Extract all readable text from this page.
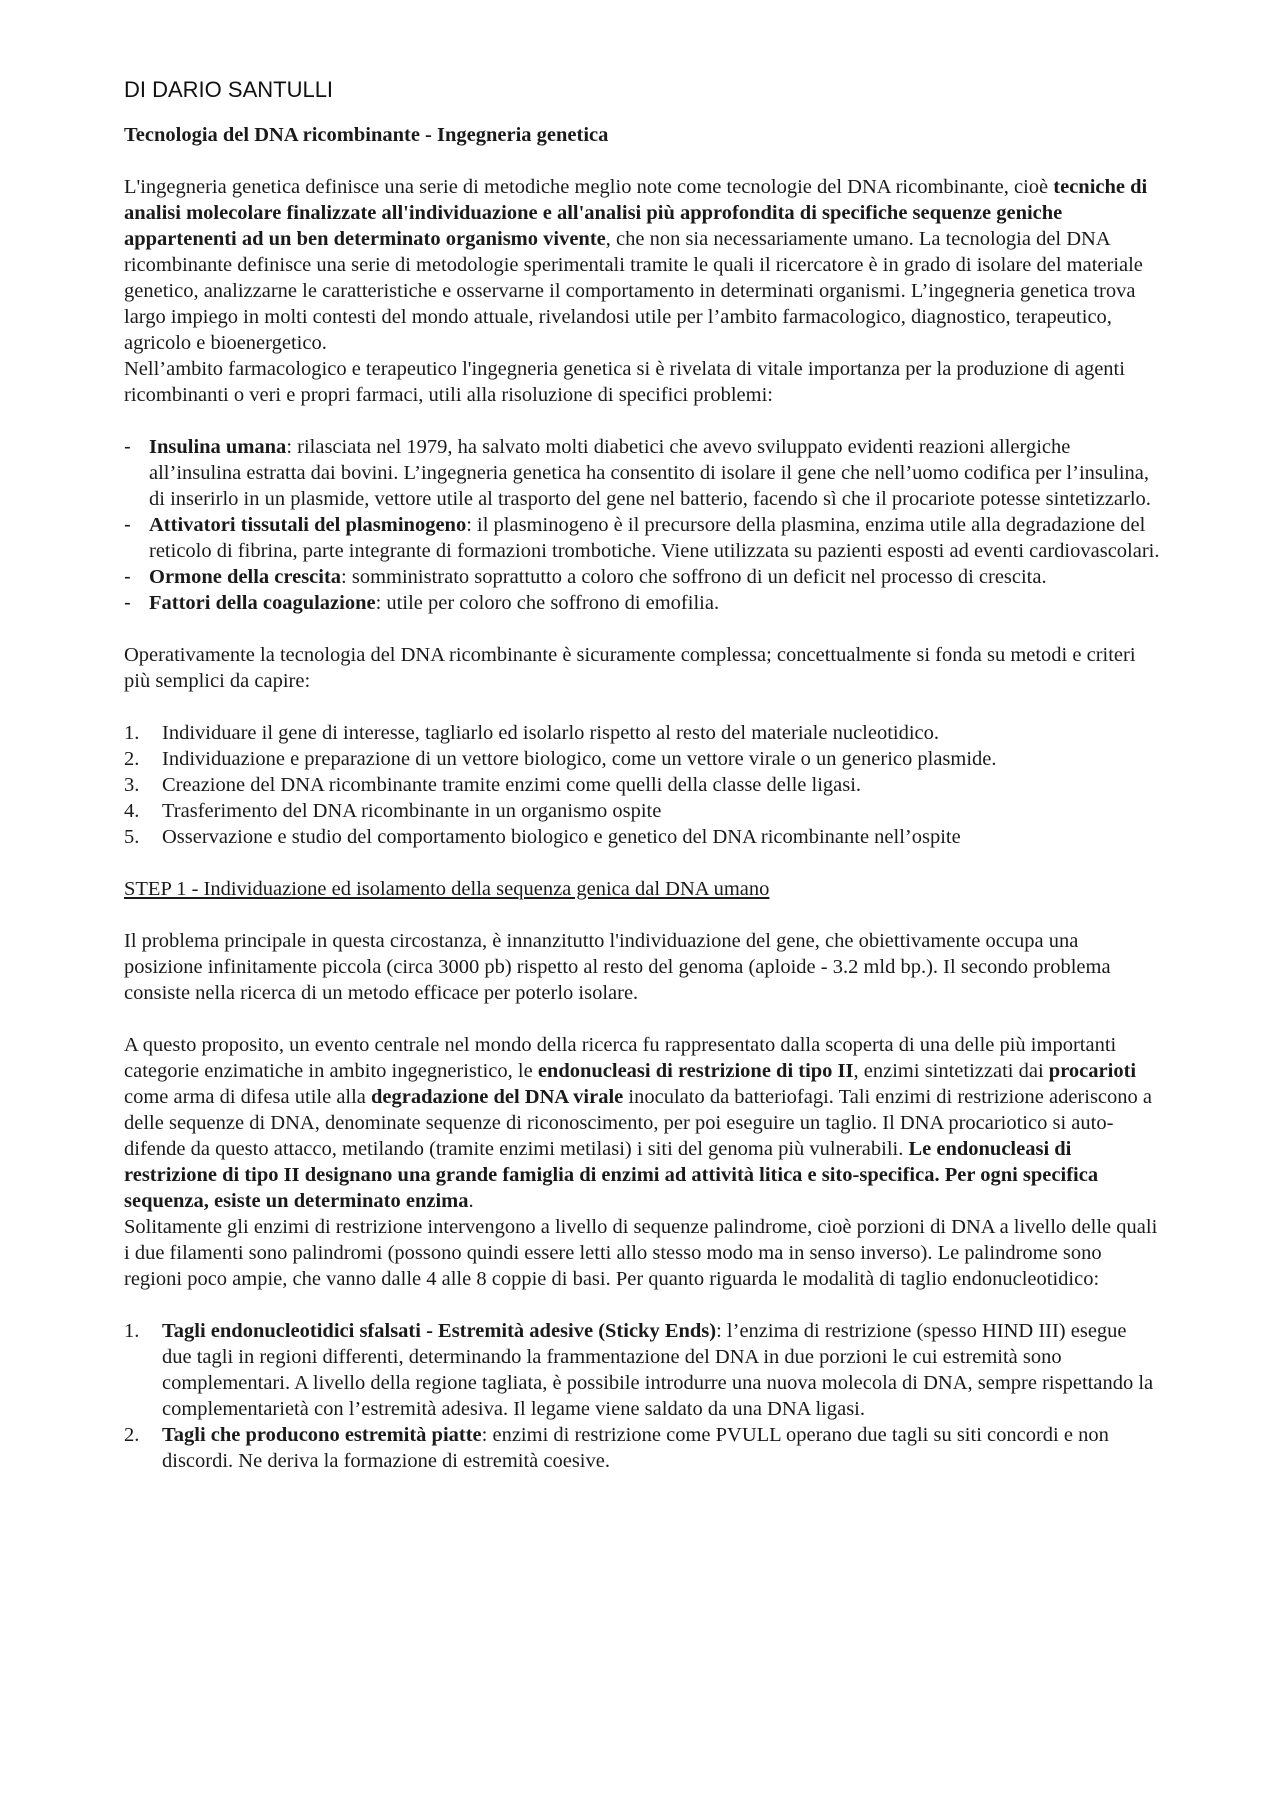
DI DARIO SANTULLI

Tecnologia del DNA ricombinante - Ingegneria genetica

L'ingegneria genetica definisce una serie di metodiche meglio note come tecnologie del DNA ricombinante, cioè tecniche di analisi molecolare finalizzate all'individuazione e all'analisi più approfondita di specifiche sequenze geniche appartenenti ad un ben determinato organismo vivente, che non sia necessariamente umano. La tecnologia del DNA ricombinante definisce una serie di metodologie sperimentali tramite le quali il ricercatore è in grado di isolare del materiale genetico, analizzarne le caratteristiche e osservarne il comportamento in determinati organismi. L’ingegneria genetica trova largo impiego in molti contesti del mondo attuale, rivelandosi utile per l’ambito farmacologico, diagnostico, terapeutico, agricolo e bioenergetico.

Nell’ambito farmacologico e terapeutico l'ingegneria genetica si è rivelata di vitale importanza per la produzione di agenti ricombinanti o veri e propri farmaci, utili alla risoluzione di specifici problemi:

- Insulina umana: rilasciata nel 1979, ha salvato molti diabetici che avevo sviluppato evidenti reazioni allergiche all’insulina estratta dai bovini. L’ingegneria genetica ha consentito di isolare il gene che nell’uomo codifica per l’insulina, di inserirlo in un plasmide, vettore utile al trasporto del gene nel batterio, facendo sì che il procariote potesse sintetizzarlo.
- Attivatori tissutali del plasminogeno: il plasminogeno è il precursore della plasmina, enzima utile alla degradazione del reticolo di fibrina, parte integrante di formazioni trombotiche. Viene utilizzata su pazienti esposti ad eventi cardiovascolari.
- Ormone della crescita: somministrato soprattutto a coloro che soffrono di un deficit nel processo di crescita.
- Fattori della coagulazione: utile per coloro che soffrono di emofilia.

Operativamente la tecnologia del DNA ricombinante è sicuramente complessa; concettualmente si fonda su metodi e criteri più semplici da capire:

1. Individuare il gene di interesse, tagliarlo ed isolarlo rispetto al resto del materiale nucleotidico.
2. Individuazione e preparazione di un vettore biologico, come un vettore virale o un generico plasmide.
3. Creazione del DNA ricombinante tramite enzimi come quelli della classe delle ligasi.
4. Trasferimento del DNA ricombinante in un organismo ospite
5. Osservazione e studio del comportamento biologico e genetico del DNA ricombinante nell’ospite

STEP 1 - Individuazione ed isolamento della sequenza genica dal DNA umano

Il problema principale in questa circostanza, è innanzitutto l'individuazione del gene, che obiettivamente occupa una posizione infinitamente piccola (circa 3000 pb) rispetto al resto del genoma (aploide - 3.2 mld bp.). Il secondo problema consiste nella ricerca di un metodo efficace per poterlo isolare.

A questo proposito, un evento centrale nel mondo della ricerca fu rappresentato dalla scoperta di una delle più importanti categorie enzimatiche in ambito ingegneristico, le endonucleasi di restrizione di tipo II, enzimi sintetizzati dai procarioti come arma di difesa utile alla degradazione del DNA virale inoculato da batteriofagi. Tali enzimi di restrizione aderiscono a delle sequenze di DNA, denominate sequenze di riconoscimento, per poi eseguire un taglio. Il DNA procariotico si auto-difende da questo attacco, metilando (tramite enzimi metilasi) i siti del genoma più vulnerabili. Le endonucleasi di restrizione di tipo II designano una grande famiglia di enzimi ad attività litica e sito-specifica. Per ogni specifica sequenza, esiste un determinato enzima.

Solitamente gli enzimi di restrizione intervengono a livello di sequenze palindrome, cioè porzioni di DNA a livello delle quali i due filamenti sono palindromi (possono quindi essere letti allo stesso modo ma in senso inverso). Le palindrome sono regioni poco ampie, che vanno dalle 4 alle 8 coppie di basi. Per quanto riguarda le modalità di taglio endonucleotidico:

1. Tagli endonucleotidici sfalsati - Estremità adesive (Sticky Ends): l’enzima di restrizione (spesso HIND III) esegue due tagli in regioni differenti, determinando la frammentazione del DNA in due porzioni le cui estremità sono complementari. A livello della regione tagliata, è possibile introdurre una nuova molecola di DNA, sempre rispettando la complementarietà con l’estremità adesiva. Il legame viene saldato da una DNA ligasi.
2. Tagli che producono estremità piatte: enzimi di restrizione come PVULL operano due tagli su siti concordi e non discordi. Ne deriva la formazione di estremità coesive.
